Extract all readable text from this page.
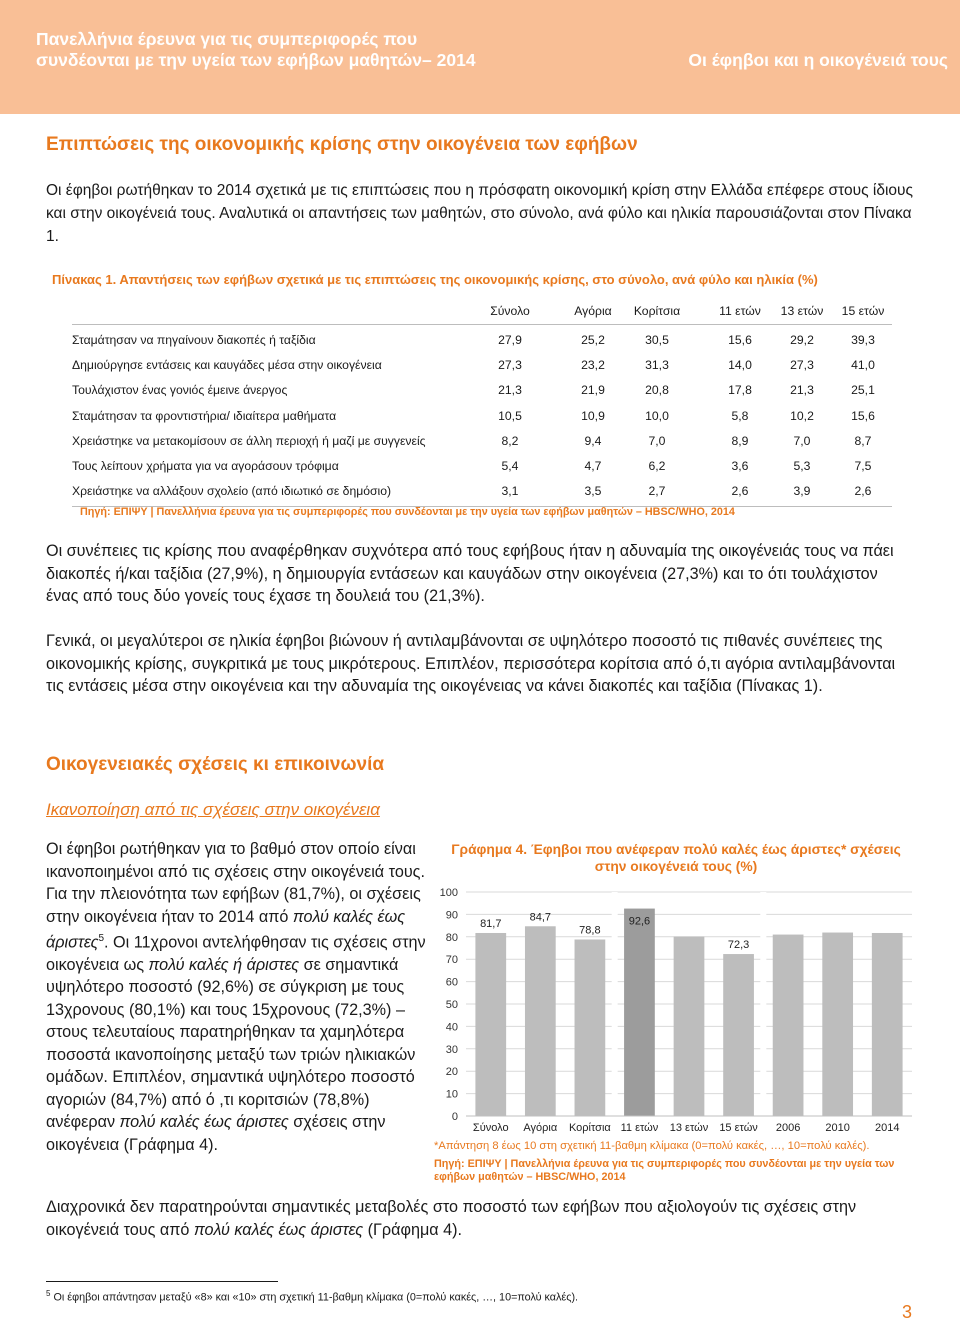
Πανελλήνια έρευνα για τις συμπεριφορές που συνδέονται με την υγεία των εφήβων μαθητών– 2014	Οι έφηβοι και η οικογένειά τους
Επιπτώσεις της οικονομικής κρίσης στην οικογένεια των εφήβων
Οι έφηβοι ρωτήθηκαν το 2014 σχετικά με τις επιπτώσεις που η πρόσφατη οικονομική κρίση στην Ελλάδα επέφερε στους ίδιους και στην οικογένειά τους. Αναλυτικά οι απαντήσεις των μαθητών, στο σύνολο, ανά φύλο και ηλικία παρουσιάζονται στον Πίνακα 1.
Πίνακας 1. Απαντήσεις των εφήβων σχετικά με τις επιπτώσεις της οικονομικής κρίσης, στο σύνολο, ανά φύλο και ηλικία (%)
Σύνολο	Αγόρια	Κορίτσια	11 ετών	13 ετών	15 ετών
Σταμάτησαν να πηγαίνουν διακοπές ή ταξίδια	27,9	25,2	30,5	15,6	29,2	39,3
Δημιούργησε εντάσεις και καυγάδες μέσα στην οικογένεια	27,3	23,2	31,3	14,0	27,3	41,0
Τουλάχιστον ένας γονιός έμεινε άνεργος	21,3	21,9	20,8	17,8	21,3	25,1
Σταμάτησαν τα φροντιστήρια/ ιδιαίτερα μαθήματα	10,5	10,9	10,0	5,8	10,2	15,6
Χρειάστηκε να μετακομίσουν σε άλλη περιοχή ή μαζί με συγγενείς	8,2	9,4	7,0	8,9	7,0	8,7
Τους λείπουν χρήματα για να αγοράσουν τρόφιμα	5,4	4,7	6,2	3,6	5,3	7,5
Χρειάστηκε να αλλάξουν σχολείο (από ιδιωτικό σε δημόσιο)	3,1	3,5	2,7	2,6	3,9	2,6
Πηγή: ΕΠΙΨΥ | Πανελλήνια έρευνα για τις συμπεριφορές που συνδέονται με την υγεία των εφήβων μαθητών – HBSC/WHO, 2014
Οι συνέπειες τις κρίσης που αναφέρθηκαν συχνότερα από τους εφήβους ήταν η αδυναμία της οικογένειάς τους να πάει διακοπές ή/και ταξίδια (27,9%), η δημιουργία εντάσεων και καυγάδων στην οικογένεια (27,3%) και το ότι τουλάχιστον ένας από τους δύο γονείς τους έχασε τη δουλειά του (21,3%).
Γενικά, οι μεγαλύτεροι σε ηλικία έφηβοι βιώνουν ή αντιλαμβάνονται σε υψηλότερο ποσοστό τις πιθανές συνέπειες της οικονομικής κρίσης, συγκριτικά με τους μικρότερους. Επιπλέον, περισσότερα κορίτσια από ό,τι αγόρια αντιλαμβάνονται τις εντάσεις μέσα στην οικογένεια και την αδυναμία της οικογένειας να κάνει διακοπές και ταξίδια (Πίνακας 1).
Οικογενειακές σχέσεις κι επικοινωνία
Ικανοποίηση από τις σχέσεις στην οικογένεια
Οι έφηβοι ρωτήθηκαν για το βαθμό στον οποίο είναι ικανοποιημένοι από τις σχέσεις στην οικογένειά τους. Για την πλειονότητα των εφήβων (81,7%), οι σχέσεις στην οικογένεια ήταν το 2014 από πολύ καλές έως άριστες$^5$. Οι 11χρονοι αντελήφθησαν τις σχέσεις στην οικογένεια ως πολύ καλές ή άριστες σε σημαντικά υψηλότερο ποσοστό (92,6%) σε σύγκριση με τους 13χρονους (80,1%) και τους 15χρονους (72,3%) – στους τελευταίους παρατηρήθηκαν τα χαμηλότερα ποσοστά ικανοποίησης μεταξύ των τριών ηλικιακών ομάδων. Επιπλέον, σημαντικά υψηλότερο ποσοστό αγοριών (84,7%) από ό ,τι κοριτσιών (78,8%) ανέφεραν πολύ καλές έως άριστες σχέσεις στην οικογένεια (Γράφημα 4).
Γράφημα 4. Έφηβοι που ανέφεραν πολύ καλές έως άριστες* σχέσεις στην οικογένειά τους (%)
0
10
20
30
40
50
60
70
80
90
100
81,7
Σύνολο
84,7
Αγόρια
78,8
Κορίτσια
92,6
11 ετών 13 ετών
72,3
15 ετών 2006 2010 2014
*Απάντηση 8 έως 10 στη σχετική 11-βαθμη κλίμακα (0=πολύ κακές, …, 10=πολύ καλές).
Πηγή: ΕΠΙΨΥ | Πανελλήνια έρευνα για τις συμπεριφορές που συνδέονται με την υγεία των εφήβων μαθητών – HBSC/WHO, 2014
Διαχρονικά δεν παρατηρούνται σημαντικές μεταβολές στο ποσοστό των εφήβων που αξιολογούν τις σχέσεις στην οικογένειά τους από πολύ καλές έως άριστες (Γράφημα 4).
$^5$ Οι έφηβοι απάντησαν μεταξύ «8» και «10» στη σχετική 11-βαθμη κλίμακα (0=πολύ κακές, …, 10=πολύ καλές).
3
